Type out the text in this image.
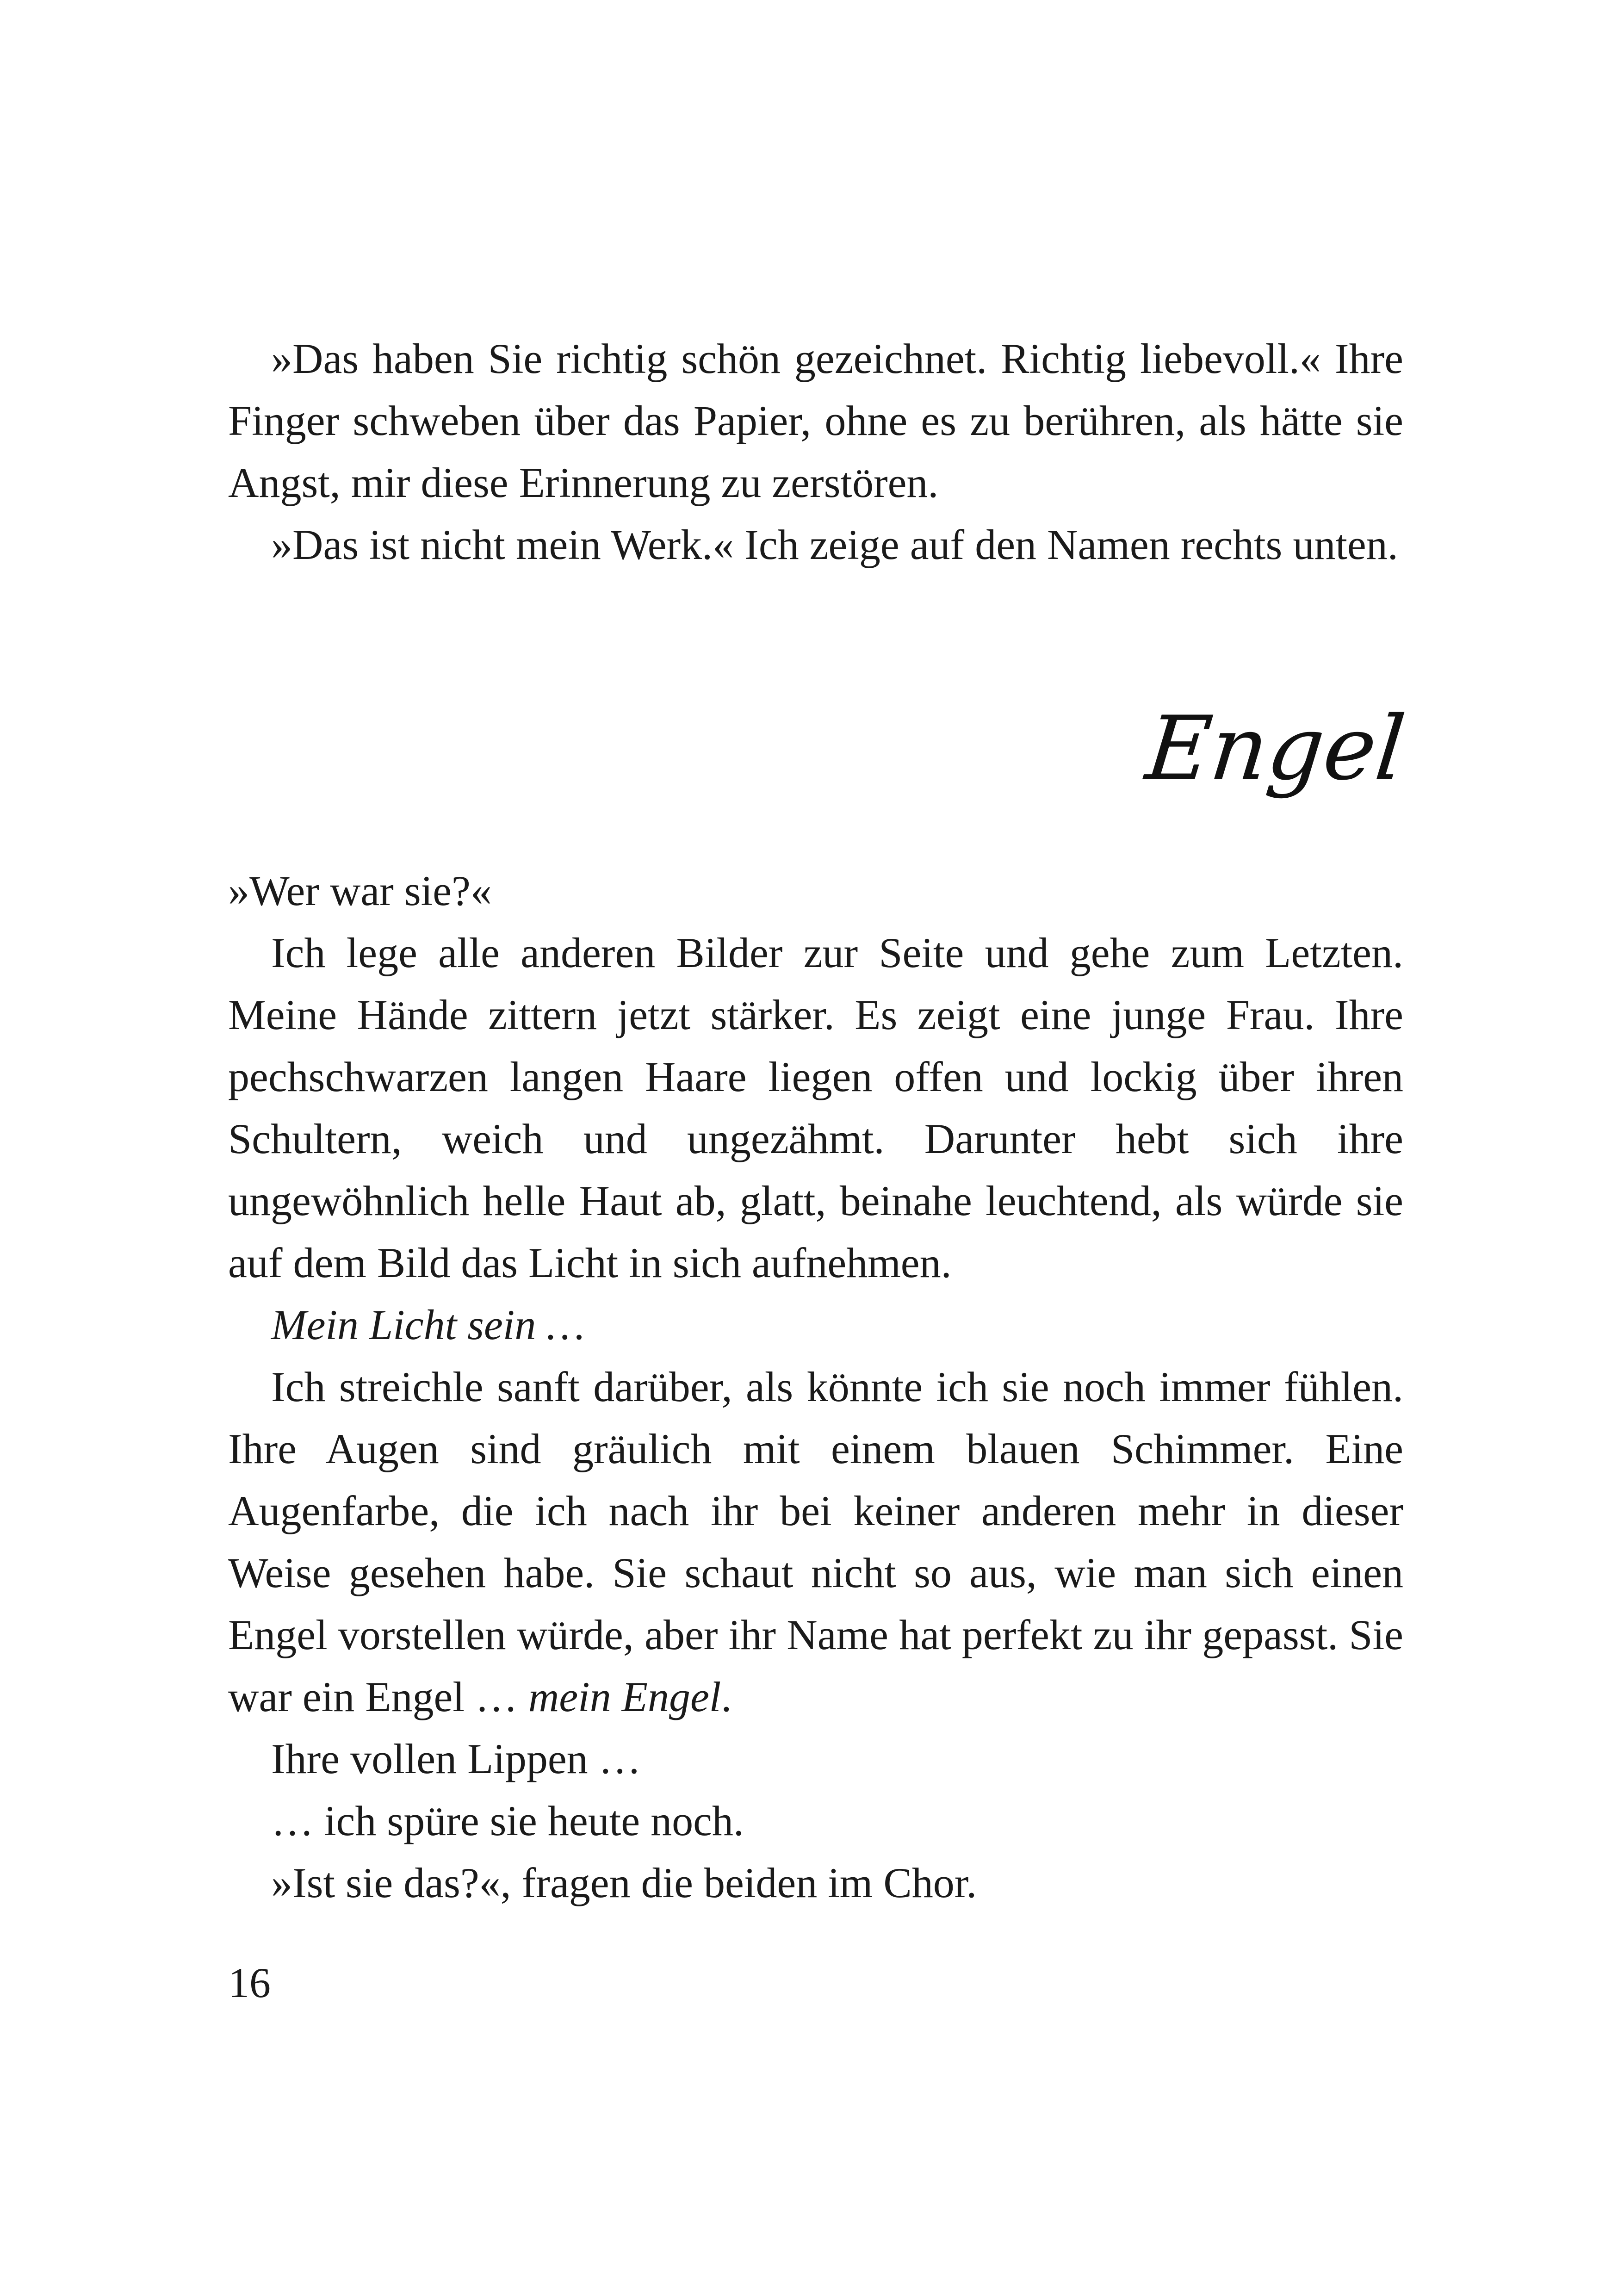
»Das haben Sie richtig schön gezeichnet. Richtig liebevoll.« Ihre Finger schweben über das Papier, ohne es zu berühren, als hätte sie Angst, mir diese Erinnerung zu zerstören.

»Das ist nicht mein Werk.« Ich zeige auf den Namen rechts unten.

Engel

»Wer war sie?«

Ich lege alle anderen Bilder zur Seite und gehe zum Letzten. Meine Hände zittern jetzt stärker. Es zeigt eine junge Frau. Ihre pechschwarzen langen Haare liegen offen und lockig über ihren Schultern, weich und ungezähmt. Darunter hebt sich ihre ungewöhnlich helle Haut ab, glatt, beinahe leuchtend, als würde sie auf dem Bild das Licht in sich aufnehmen.

Mein Licht sein …

Ich streichle sanft darüber, als könnte ich sie noch immer fühlen. Ihre Augen sind gräulich mit einem blauen Schimmer. Eine Augenfarbe, die ich nach ihr bei keiner anderen mehr in dieser Weise gesehen habe. Sie schaut nicht so aus, wie man sich einen Engel vorstellen würde, aber ihr Name hat perfekt zu ihr gepasst. Sie war ein Engel … mein Engel.

Ihre vollen Lippen …

… ich spüre sie heute noch.

»Ist sie das?«, fragen die beiden im Chor.

16
